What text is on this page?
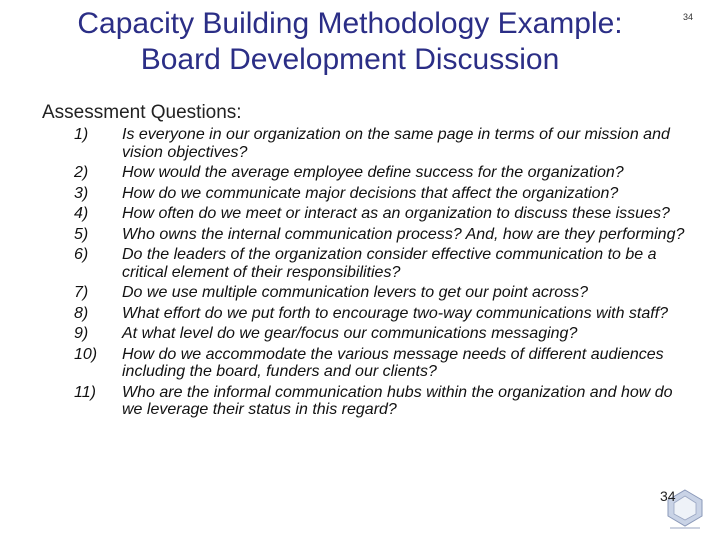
Capacity Building Methodology Example:
Board Development Discussion
34
Assessment Questions:
1)	Is everyone in our organization on the same page in terms of our mission and vision objectives?
2)	How would the average employee define success for the organization?
3)	How do we communicate major decisions that affect the organization?
4)	How often do we meet or interact as an organization to discuss these issues?
5)	Who owns the internal communication process? And, how are they performing?
6)	Do the leaders of the organization consider effective communication to be a critical element of their responsibilities?
7)	Do we use multiple communication levers to get our point across?
8)	What effort do we put forth to encourage two-way communications with staff?
9)	At what level do we gear/focus our communications messaging?
10)	How do we accommodate the various message needs of different audiences including the board, funders and our clients?
11)	Who are the informal communication hubs within the organization and how do we leverage their status in this regard?
34
